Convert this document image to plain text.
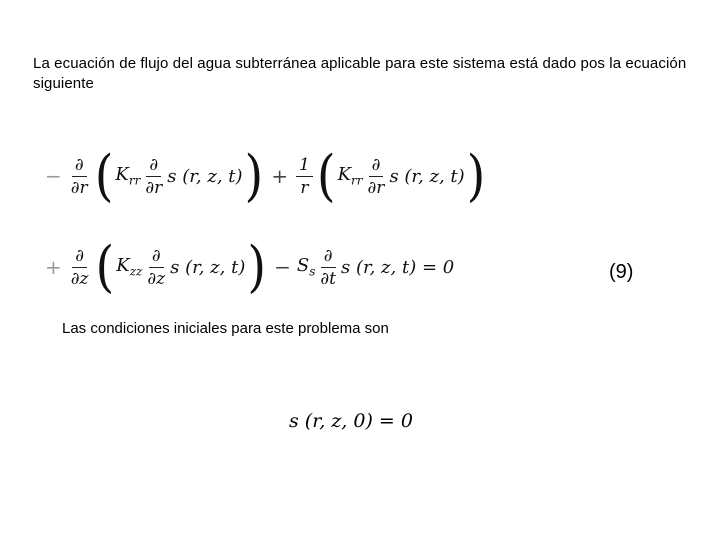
La ecuación de flujo del agua subterránea aplicable para este sistema está dado pos la ecuación siguiente
− $\frac{\partial}{\partial r}$ ( $K_{rr} \frac{\partial}{\partial r}$ s (r, z, t) ) + $\frac{1}{r}$ ( $K_{rr} \frac{\partial}{\partial r}$ s (r, z, t) )
+ $\frac{\partial}{\partial z}$ ( $K_{zz} \frac{\partial}{\partial z}$ s (r, z, t) ) − $S_s \frac{\partial}{\partial t}$ s (r, z, t) = 0	(9)
Las condiciones iniciales para este problema son
s (r, z, 0) = 0
